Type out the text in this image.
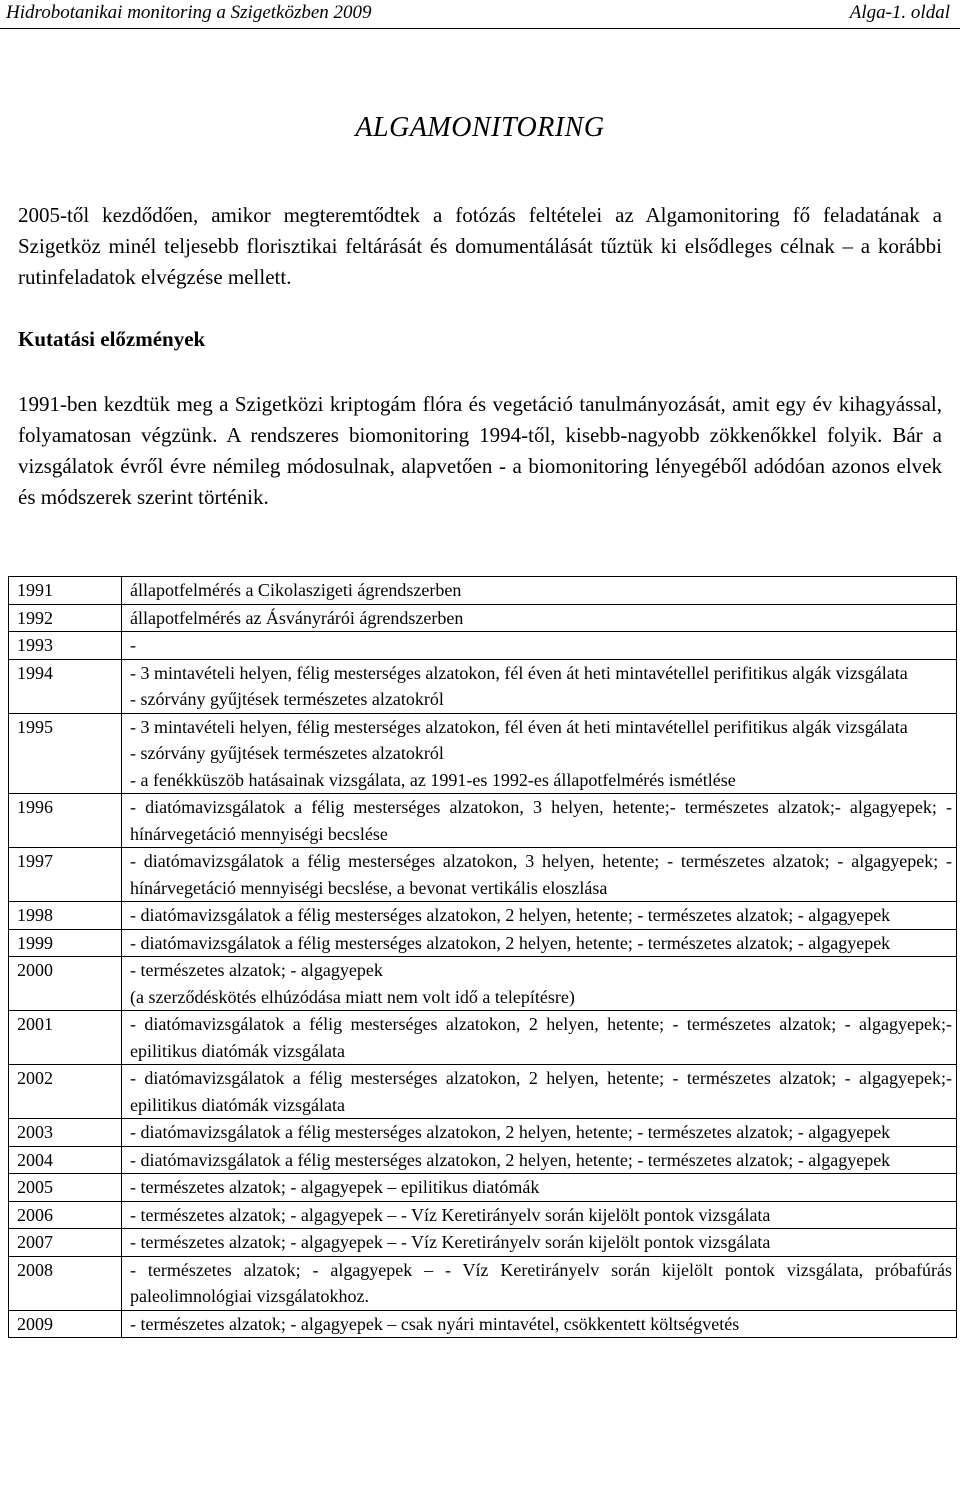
Hidrobotanikai monitoring a Szigetközben 2009	Alga-1. oldal
ALGAMONITORING

2005-től kezdődően, amikor megteremtődtek a fotózás feltételei az Algamonitoring fő feladatának a Szigetköz minél teljesebb florisztikai feltárását és domumentálását tűztük ki elsődleges célnak – a korábbi rutinfeladatok elvégzése mellett.

Kutatási előzmények

1991-ben kezdtük meg a Szigetközi kriptogám flóra és vegetáció tanulmányozását, amit egy év kihagyással, folyamatosan végzünk. A rendszeres biomonitoring 1994-től, kisebb-nagyobb zökkenőkkel folyik. Bár a vizsgálatok évről évre némileg módosulnak, alapvetően - a biomonitoring lényegéből adódóan azonos elvek és módszerek szerint történik.

1991	állapotfelmérés a Cikolaszigeti ágrendszerben

1992	állapotfelmérés az Ásványrárói ágrendszerben

1993	-

1994	- 3 mintavételi helyen, félig mesterséges alzatokon, fél éven át heti mintavétellel perifitikus algák vizsgálata
- szórvány gyűjtések természetes alzatokról

1995	- 3 mintavételi helyen, félig mesterséges alzatokon, fél éven át heti mintavétellel perifitikus algák vizsgálata
- szórvány gyűjtések természetes alzatokról
- a fenékküszöb hatásainak vizsgálata, az 1991-es 1992-es állapotfelmérés ismétlése

1996	- diatómavizsgálatok a félig mesterséges alzatokon, 3 helyen, hetente;- természetes alzatok;- algagyepek; - hínárvegetáció mennyiségi becslése

1997	- diatómavizsgálatok a félig mesterséges alzatokon, 3 helyen, hetente; - természetes alzatok; - algagyepek; - hínárvegetáció mennyiségi becslése, a bevonat vertikális eloszlása

1998	- diatómavizsgálatok a félig mesterséges alzatokon, 2 helyen, hetente; - természetes alzatok; - algagyepek

1999	- diatómavizsgálatok a félig mesterséges alzatokon, 2 helyen, hetente; - természetes alzatok; - algagyepek

2000	- természetes alzatok; - algagyepek
(a szerződéskötés elhúzódása miatt nem volt idő a telepítésre)

2001	- diatómavizsgálatok a félig mesterséges alzatokon, 2 helyen, hetente; - természetes alzatok; - algagyepek;- epilitikus diatómák vizsgálata

2002	- diatómavizsgálatok a félig mesterséges alzatokon, 2 helyen, hetente; - természetes alzatok; - algagyepek;- epilitikus diatómák vizsgálata

2003	- diatómavizsgálatok a félig mesterséges alzatokon, 2 helyen, hetente; - természetes alzatok; - algagyepek

2004	- diatómavizsgálatok a félig mesterséges alzatokon, 2 helyen, hetente; - természetes alzatok; - algagyepek

2005	- természetes alzatok; - algagyepek – epilitikus diatómák

2006	- természetes alzatok; - algagyepek – - Víz Keretirányelv során kijelölt pontok vizsgálata

2007	- természetes alzatok; - algagyepek – - Víz Keretirányelv során kijelölt pontok vizsgálata

2008	- természetes alzatok; - algagyepek – - Víz Keretirányelv során kijelölt pontok vizsgálata, próbafúrás paleolimnológiai vizsgálatokhoz.

2009	- természetes alzatok; - algagyepek – csak nyári mintavétel, csökkentett költségvetés
